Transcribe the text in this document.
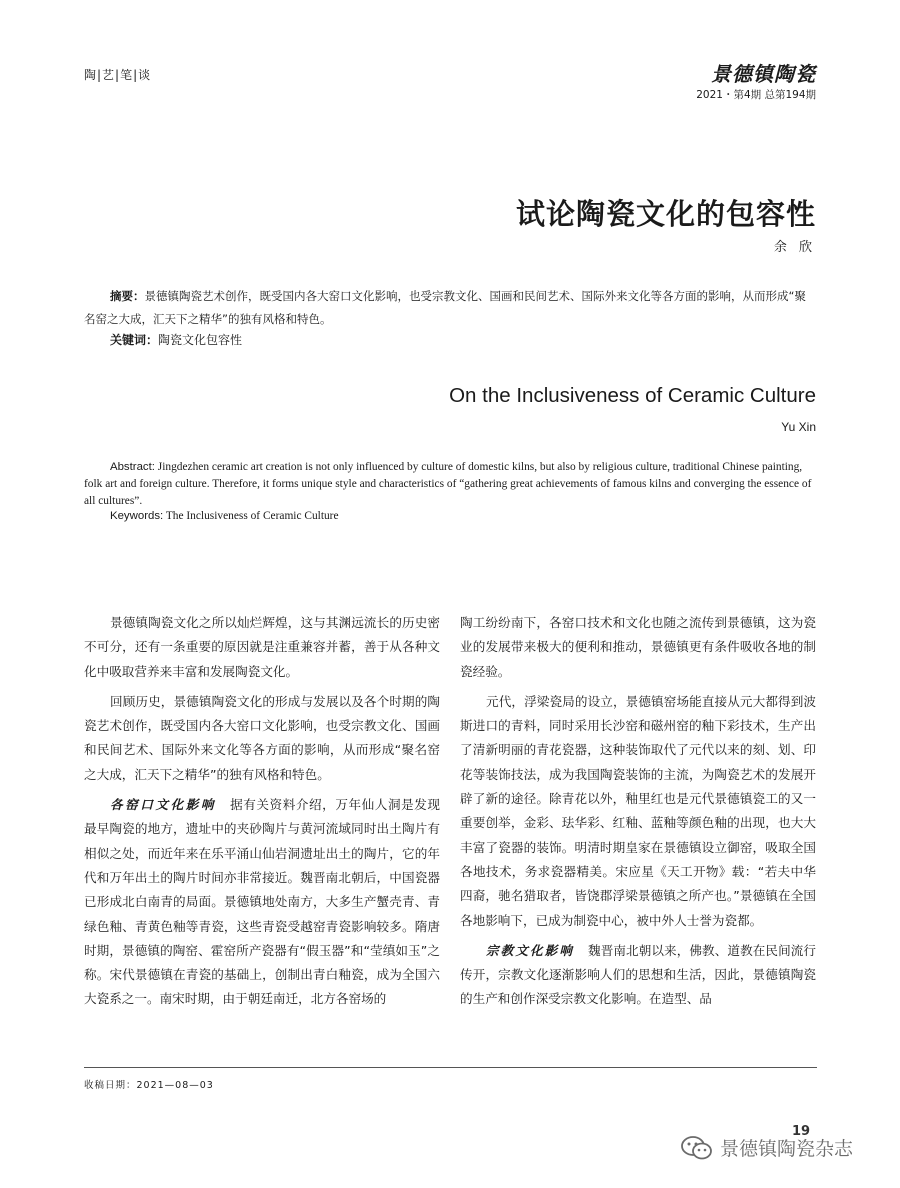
陶|艺|笔|谈	景德镇陶瓷
2021・第4期 总第194期
试论陶瓷文化的包容性
余 欣
摘要：景德镇陶瓷艺术创作，既受国内各大窑口文化影响，也受宗教文化、国画和民间艺术、国际外来文化等各方面的影响，从而形成“聚名窑之大成，汇天下之精华”的独有风格和特色。
关键词：陶瓷文化包容性
On the Inclusiveness of Ceramic Culture
Yu Xin
Abstract: Jingdezhen ceramic art creation is not only influenced by culture of domestic kilns, but also by religious culture, traditional Chinese painting, folk art and foreign culture. Therefore, it forms unique style and characteristics of “gathering great achievements of famous kilns and converging the essence of all cultures”.
Keywords: The Inclusiveness of Ceramic Culture

景德镇陶瓷文化之所以灿烂辉煌，这与其渊远流长的历史密不可分，还有一条重要的原因就是注重兼容并蓄，善于从各种文化中吸取营养来丰富和发展陶瓷文化。

回顾历史，景德镇陶瓷文化的形成与发展以及各个时期的陶瓷艺术创作，既受国内各大窑口文化影响，也受宗教文化、国画和民间艺术、国际外来文化等各方面的影响，从而形成“聚名窑之大成，汇天下之精华”的独有风格和特色。

各窑口文化影响 据有关资料介绍，万年仙人洞是发现最早陶瓷的地方，遗址中的夹砂陶片与黄河流域同时出土陶片有相似之处，而近年来在乐平涌山仙岩洞遗址出土的陶片，它的年代和万年出土的陶片时间亦非常接近。魏晋南北朝后，中国瓷器已形成北白南青的局面。景德镇地处南方，大多生产蟹壳青、青绿色釉、青黄色釉等青瓷，这些青瓷受越窑青瓷影响较多。隋唐时期，景德镇的陶窑、霍窑所产瓷器有“假玉器”和“莹缜如玉”之称。宋代景德镇在青瓷的基础上，创制出青白釉瓷，成为全国六大瓷系之一。南宋时期，由于朝廷南迁，北方各窑场的

陶工纷纷南下，各窑口技术和文化也随之流传到景德镇，这为瓷业的发展带来极大的便利和推动，景德镇更有条件吸收各地的制瓷经验。

元代，浮梁瓷局的设立，景德镇窑场能直接从元大都得到波斯进口的青料，同时采用长沙窑和磁州窑的釉下彩技术，生产出了清新明丽的青花瓷器，这种装饰取代了元代以来的刻、划、印花等装饰技法，成为我国陶瓷装饰的主流，为陶瓷艺术的发展开辟了新的途径。除青花以外，釉里红也是元代景德镇瓷工的又一重要创举，金彩、珐华彩、红釉、蓝釉等颜色釉的出现，也大大丰富了瓷器的装饰。明清时期皇家在景德镇设立御窑，吸取全国各地技术，务求瓷器精美。宋应星《天工开物》载：“若夫中华四裔，驰名猎取者，皆饶郡浮梁景德镇之所产也。”景德镇在全国各地影响下，已成为制瓷中心，被中外人士誉为瓷都。

宗教文化影响 魏晋南北朝以来，佛教、道教在民间流行传开，宗教文化逐渐影响人们的思想和生活，因此，景德镇陶瓷的生产和创作深受宗教文化影响。在造型、品

收稿日期：2021—08—03
19
景德镇陶瓷杂志
